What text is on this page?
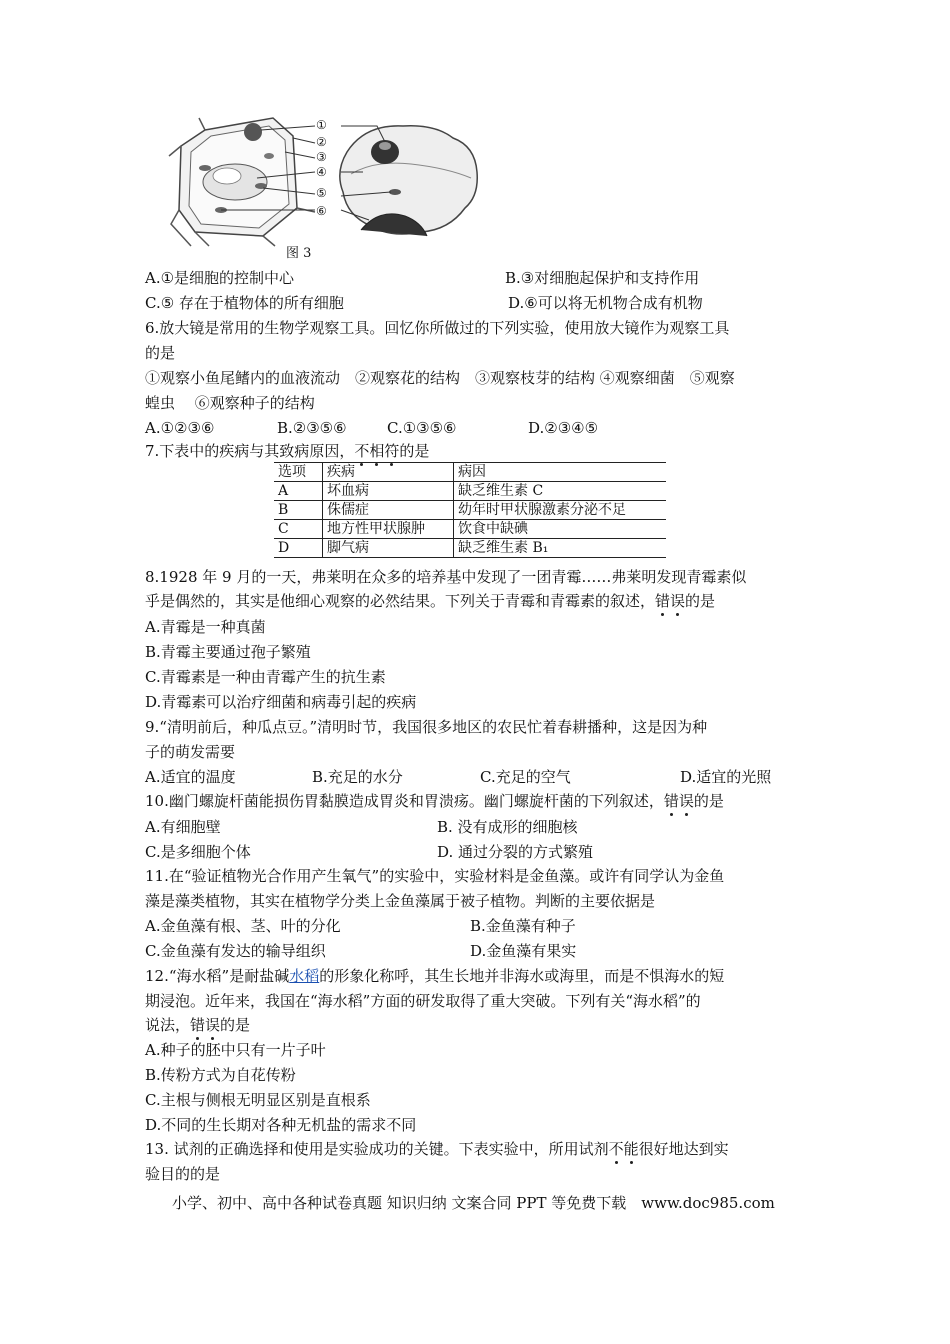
①
②
③
④
⑤
⑥
图 3
A.①是细胞的控制中心	B.③对细胞起保护和支持作用
C.⑤ 存在于植物体的所有细胞	D.⑥可以将无机物合成有机物
6.放大镜是常用的生物学观察工具。回忆你所做过的下列实验，使用放大镜作为观察工具
的是
①观察小鱼尾鳍内的血液流动　②观察花的结构　③观察枝芽的结构 ④观察细菌　⑤观察
蝗虫　 ⑥观察种子的结构
A.①②③⑥	B.②③⑤⑥	C.①③⑤⑥	D.②③④⑤
7.下表中的疾病与其致病原因，不相符的是
选项	疾病	病因
A	坏血病	缺乏维生素 C
B	侏儒症	幼年时甲状腺激素分泌不足
C	地方性甲状腺肿	饮食中缺碘
D	脚气病	缺乏维生素 B₁
8.1928 年 9 月的一天，弗莱明在众多的培养基中发现了一团青霉……弗莱明发现青霉素似
乎是偶然的，其实是他细心观察的必然结果。下列关于青霉和青霉素的叙述，错误的是
A.青霉是一种真菌
B.青霉主要通过孢子繁殖
C.青霉素是一种由青霉产生的抗生素
D.青霉素可以治疗细菌和病毒引起的疾病
9.“清明前后，种瓜点豆。”清明时节，我国很多地区的农民忙着春耕播种，这是因为种
子的萌发需要
A.适宜的温度	B.充足的水分	C.充足的空气	D.适宜的光照
10.幽门螺旋杆菌能损伤胃黏膜造成胃炎和胃溃疡。幽门螺旋杆菌的下列叙述，错误的是
A.有细胞壁	B. 没有成形的细胞核
C.是多细胞个体	D. 通过分裂的方式繁殖
11.在“验证植物光合作用产生氧气”的实验中，实验材料是金鱼藻。或许有同学认为金鱼
藻是藻类植物，其实在植物学分类上金鱼藻属于被子植物。判断的主要依据是
A.金鱼藻有根、茎、叶的分化	B.金鱼藻有种子
C.金鱼藻有发达的输导组织	D.金鱼藻有果实
12.“海水稻”是耐盐碱水稻的形象化称呼，其生长地并非海水或海里，而是不惧海水的短
期浸泡。近年来，我国在“海水稻”方面的研发取得了重大突破。下列有关“海水稻”的
说法，错误的是
A.种子的胚中只有一片子叶
B.传粉方式为自花传粉
C.主根与侧根无明显区别是直根系
D.不同的生长期对各种无机盐的需求不同
13. 试剂的正确选择和使用是实验成功的关键。下表实验中，所用试剂不能很好地达到实
验目的的是
小学、初中、高中各种试卷真题 知识归纳 文案合同 PPT 等免费下载　www.doc985.com
